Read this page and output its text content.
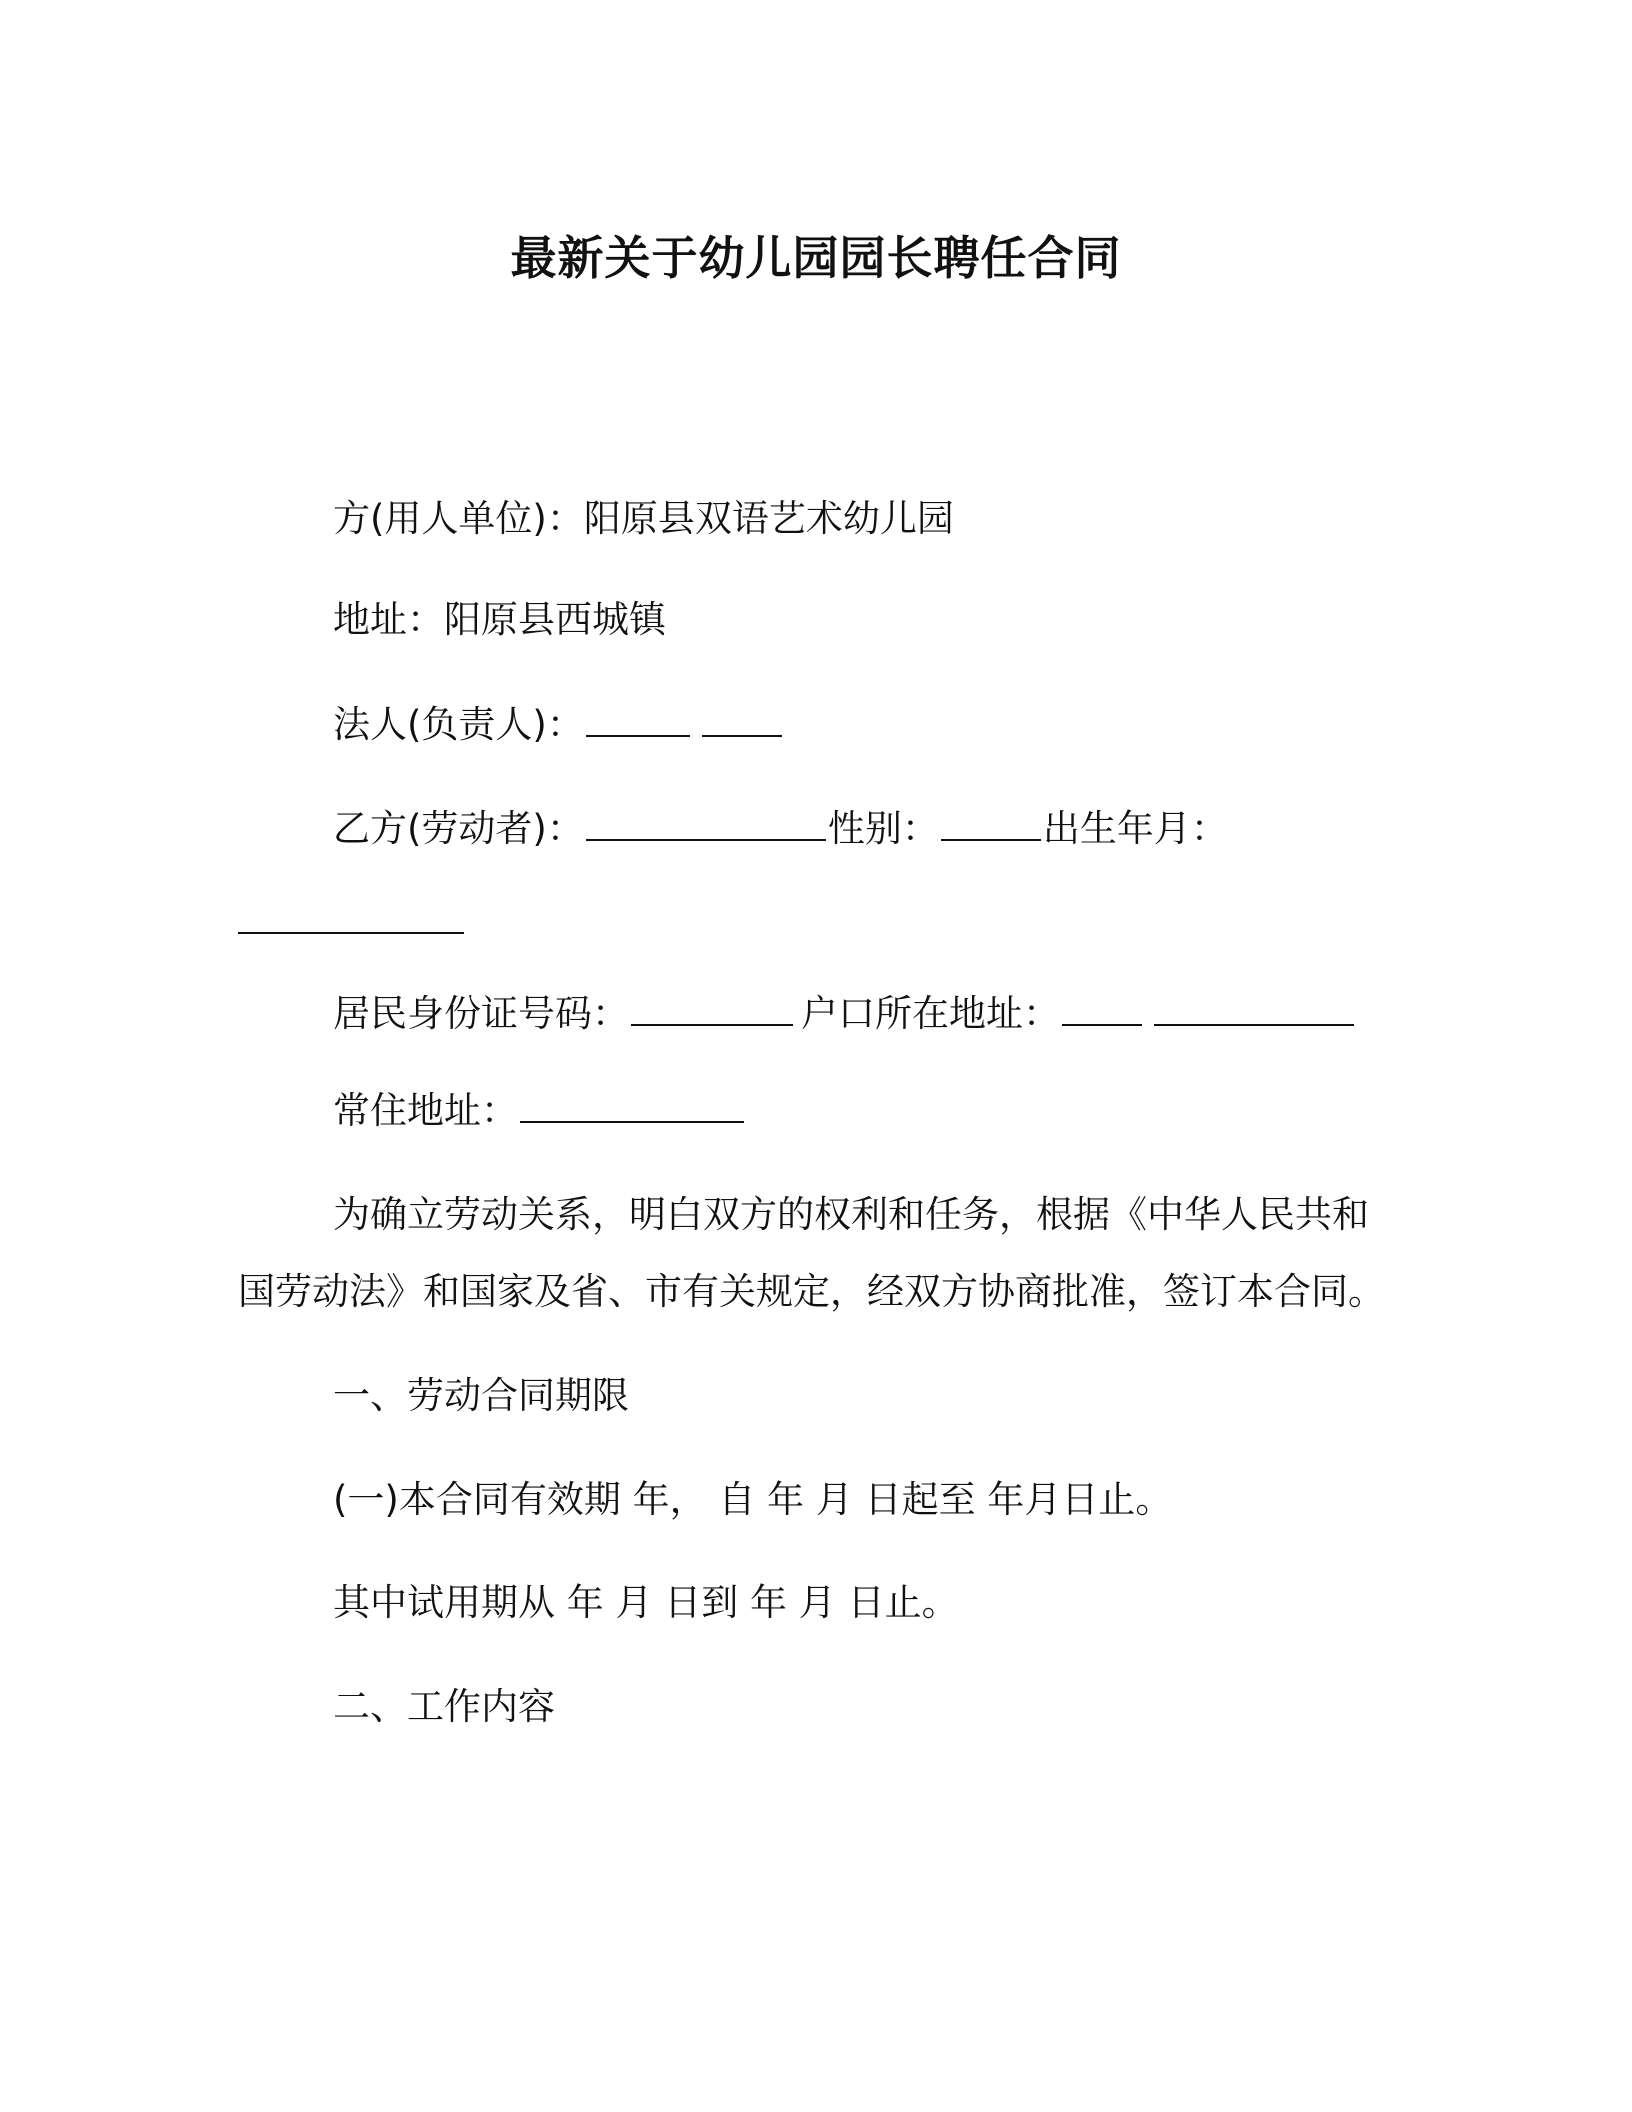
最新关于幼儿园园长聘任合同
方(用人单位)：阳原县双语艺术幼儿园
地址：阳原县西城镇
法人(负责人)：
乙方(劳动者)：	性别：	出生年月：
居民身份证号码：	户口所在地址：
常住地址：
为确立劳动关系，明白双方的权利和任务，根据《中华人民共和
国劳动法》和国家及省、市有关规定，经双方协商批准，签订本合同。
一、劳动合同期限
(一)本合同有效期 年， 自 年 月 日起至 年月日止。
其中试用期从 年 月 日到 年 月 日止。
二、工作内容
